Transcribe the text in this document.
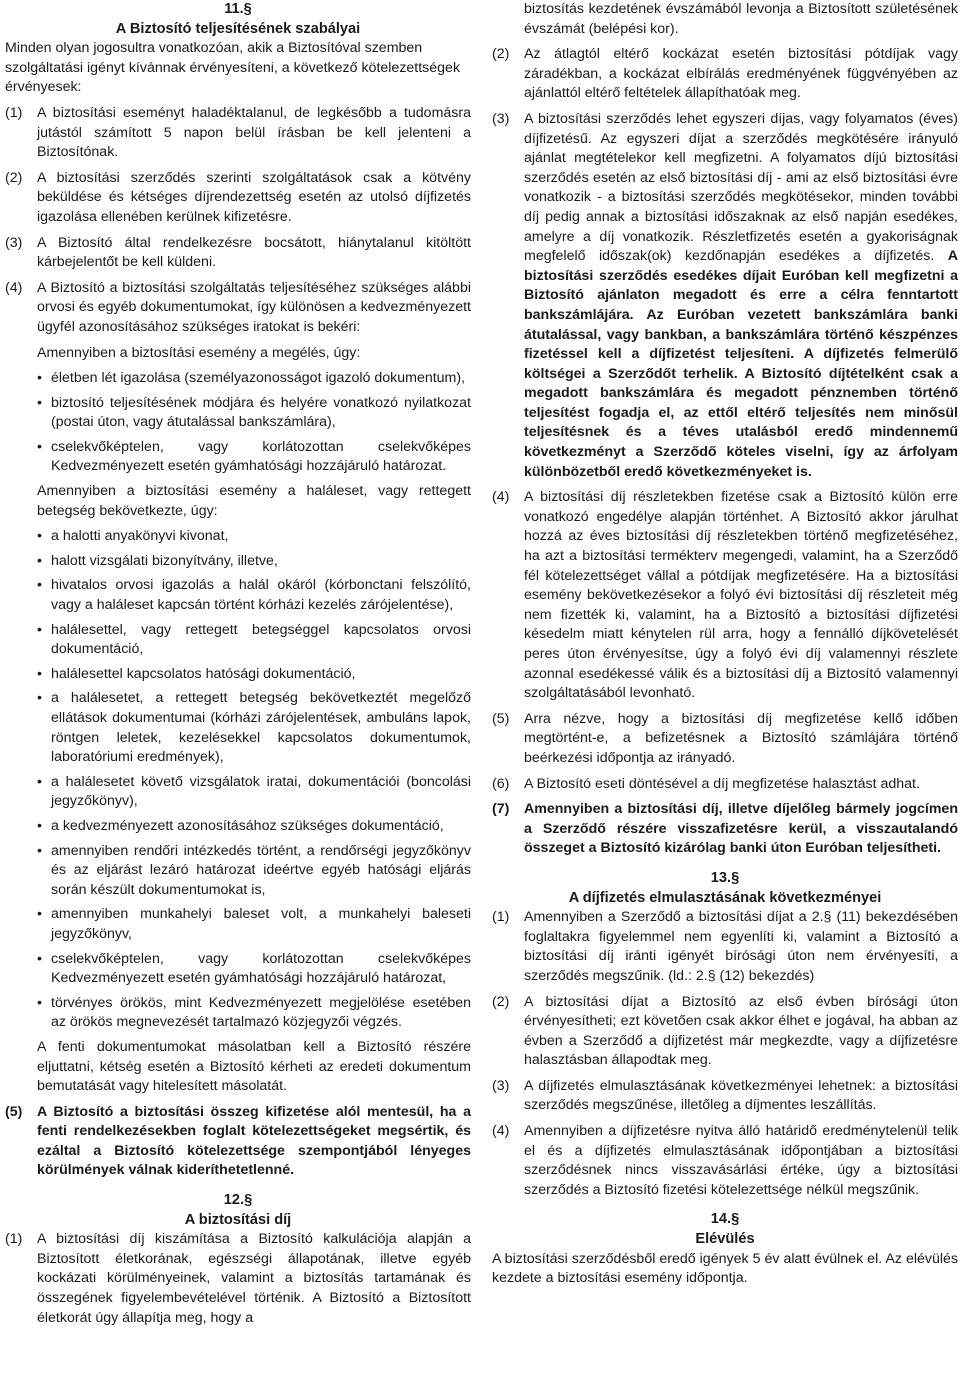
11.§
A Biztosító teljesítésének szabályai

Minden olyan jogosultra vonatkozóan, akik a Biztosítóval szemben szolgáltatási igényt kívánnak érvényesíteni, a következő kötelezettségek érvényesek:

(1)	A biztosítási eseményt haladéktalanul, de legkésőbb a tudomásra jutástól számított 5 napon belül írásban be kell jelenteni a Biztosítónak.
(2)	A biztosítási szerződés szerinti szolgáltatások csak a kötvény beküldése és kétséges díjrendezettség esetén az utolsó díjfizetés igazolása ellenében kerülnek kifizetésre.
(3)	A Biztosító által rendelkezésre bocsátott, hiánytalanul kitöltött kárbejelentőt be kell küldeni.
(4)	A Biztosító a biztosítási szolgáltatás teljesítéséhez szükséges alábbi orvosi és egyéb dokumentumokat, így különösen a kedvezményezett ügyfél azonosításához szükséges iratokat is bekéri:

Amennyiben a biztosítási esemény a megélés, úgy:

• életben lét igazolása (személyazonosságot igazoló dokumentum),
• biztosító teljesítésének módjára és helyére vonatkozó nyilatkozat (postai úton, vagy átutalással bankszámlára),
• cselekvőképtelen, vagy korlátozottan cselekvőképes Kedvezményezett esetén gyámhatósági hozzájáruló határozat.

Amennyiben a biztosítási esemény a haláleset, vagy rettegett betegség bekövetkezte, úgy:

• a halotti anyakönyvi kivonat,
• halott vizsgálati bizonyítvány, illetve,
• hivatalos orvosi igazolás a halál okáról (kórbonctani felszólító, vagy a haláleset kapcsán történt kórházi kezelés zárójelentése),
• halálesettel, vagy rettegett betegséggel kapcsolatos orvosi dokumentáció,
• halálesettel kapcsolatos hatósági dokumentáció,
• a halálesetet, a rettegett betegség bekövetkeztét megelőző ellátások dokumentumai (kórházi zárójelentések, ambuláns lapok, röntgen leletek, kezelésekkel kapcsolatos dokumentumok, laboratóriumi eredmények),
• a halálesetet követő vizsgálatok iratai, dokumentációi (boncolási jegyzőkönyv),
• a kedvezményezett azonosításához szükséges dokumentáció,
• amennyiben rendőri intézkedés történt, a rendőrségi jegyzőkönyv és az eljárást lezáró határozat ideértve egyéb hatósági eljárás során készült dokumentumokat is,
• amennyiben munkahelyi baleset volt, a munkahelyi baleseti jegyzőkönyv,
• cselekvőképtelen, vagy korlátozottan cselekvőképes Kedvezményezett esetén gyámhatósági hozzájáruló határozat,
• törvényes örökös, mint Kedvezményezett megjelölése esetében az örökös megnevezését tartalmazó közjegyzői végzés.

A fenti dokumentumokat másolatban kell a Biztosító részére eljuttatni, kétség esetén a Biztosító kérheti az eredeti dokumentum bemutatását vagy hitelesített másolatát.

(5)	A Biztosító a biztosítási összeg kifizetése alól mentesül, ha a fenti rendelkezésekben foglalt kötelezettségeket megsértik, és ezáltal a Biztosító kötelezettsége szempontjából lényeges körülmények válnak kideríthetetlenné.
12.§
A biztosítási díj
(1)	A biztosítási díj kiszámítása a Biztosító kalkulációja alapján a Biztosított életkorának, egészségi állapotának, illetve egyéb kockázati körülményeinek, valamint a biztosítás tartamának és összegének figyelembevételével történik. A Biztosító a Biztosított életkorát úgy állapítja meg, hogy a

biztosítás kezdetének évszámából levonja a Biztosított születésének évszámát (belépési kor).

(2)	Az átlagtól eltérő kockázat esetén biztosítási pótdíjak vagy záradékban, a kockázat elbírálás eredményének függvényében az ajánlattól eltérő feltételek állapíthatóak meg.
(3)	A biztosítási szerződés lehet egyszeri díjas, vagy folyamatos (éves) díjfizetésű. Az egyszeri díjat a szerződés megkötésére irányuló ajánlat megtételekor kell megfizetni. A folyamatos díjú biztosítási szerződés esetén az első biztosítási díj - ami az első biztosítási évre vonatkozik - a biztosítási szerződés megkötésekor, minden további díj pedig annak a biztosítási időszaknak az első napján esedékes, amelyre a díj vonatkozik. Részletfizetés esetén a gyakoriságnak megfelelő időszak(ok) kezdőnapján esedékes a díjfizetés. A biztosítási szerződés esedékes díjait Euróban kell megfizetni a Biztosító ajánlaton megadott és erre a célra fenntartott bankszámlájára. Az Euróban vezetett bankszámlára banki átutalással, vagy bankban, a bankszámlára történő készpénzes fizetéssel kell a díjfizetést teljesíteni. A díjfizetés felmerülő költségei a Szerződőt terhelik. A Biztosító díjtételként csak a megadott bankszámlára és megadott pénznemben történő teljesítést fogadja el, az ettől eltérő teljesítés nem minősül teljesítésnek és a téves utalásból eredő mindennemű következményt a Szerződő köteles viselni, így az árfolyam különbözetből eredő következményeket is.
(4)	A biztosítási díj részletekben fizetése csak a Biztosító külön erre vonatkozó engedélye alapján történhet. A Biztosító akkor járulhat hozzá az éves biztosítási díj részletekben történő megfizetéséhez, ha azt a biztosítási termékterv megengedi, valamint, ha a Szerződő fél kötelezettséget vállal a pótdíjak megfizetésére. Ha a biztosítási esemény bekövetkezésekor a folyó évi biztosítási díj részleteit még nem fizették ki, valamint, ha a Biztosító a biztosítási díjfizetési késedelm miatt kénytelen rül arra, hogy a fennálló díjkövetelését peres úton érvényesítse, úgy a folyó évi díj valamennyi részlete azonnal esedékessé válik és a biztosítási díj a Biztosító valamennyi szolgáltatásából levonható.
(5)	Arra nézve, hogy a biztosítási díj megfizetése kellő időben megtörtént-e, a befizetésnek a Biztosító számlájára történő beérkezési időpontja az irányadó.
(6)	A Biztosító eseti döntésével a díj megfizetése halasztást adhat.
(7)	Amennyiben a biztosítási díj, illetve díjelőleg bármely jogcímen a Szerződő részére visszafizetésre kerül, a visszautalandó összeget a Biztosító kizárólag banki úton Euróban teljesítheti.
13.§
A díjfizetés elmulasztásának következményei
(1)	Amennyiben a Szerződő a biztosítási díjat a 2.§ (11) bekezdésében foglaltakra figyelemmel nem egyenlíti ki, valamint a Biztosító a biztosítási díj iránti igényét bírósági úton nem érvényesíti, a szerződés megszűnik. (ld.: 2.§ (12) bekezdés)
(2)	A biztosítási díjat a Biztosító az első évben bírósági úton érvényesítheti; ezt követően csak akkor élhet e jogával, ha abban az évben a Szerződő a díjfizetést már megkezdte, vagy a díjfizetésre halasztásban állapodtak meg.
(3)	A díjfizetés elmulasztásának következményei lehetnek: a biztosítási szerződés megszűnése, illetőleg a díjmentes leszállítás.
(4)	Amennyiben a díjfizetésre nyitva álló határidő eredménytelenül telik el és a díjfizetés elmulasztásának időpontjában a biztosítási szerződésnek nincs visszavásárlási értéke, úgy a biztosítási szerződés a Biztosító fizetési kötelezettsége nélkül megszűnik.
14.§
Elévülés

A biztosítási szerződésből eredő igények 5 év alatt évülnek el. Az elévülés kezdete a biztosítási esemény időpontja.
